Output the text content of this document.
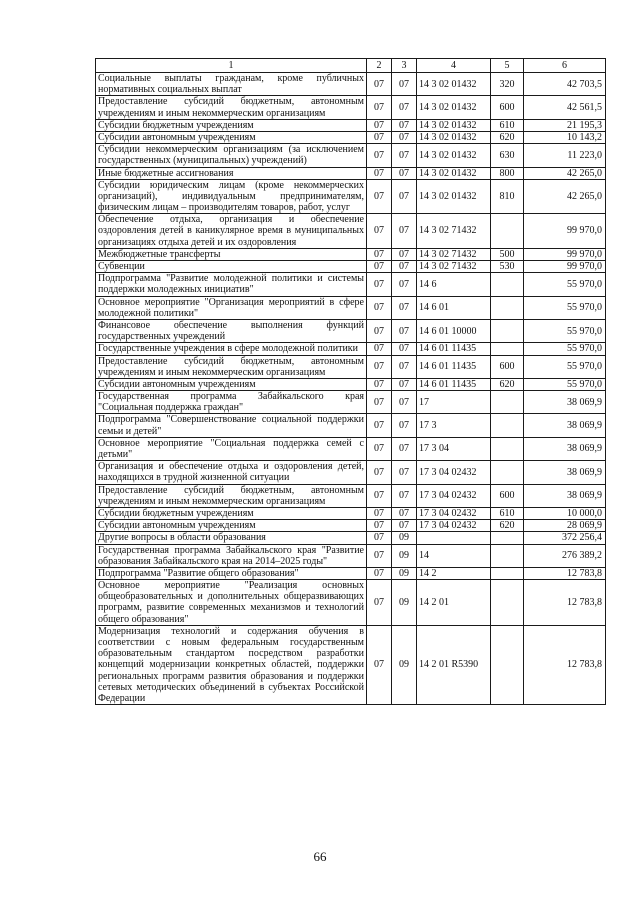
1	2	3	4	5	6
Социальные выплаты гражданам, кроме публичных нормативных социальных выплат	07	07	14 3 02 01432	320	42 703,5
Предоставление субсидий бюджетным, автономным учреждениям и иным некоммерческим организациям	07	07	14 3 02 01432	600	42 561,5
Субсидии бюджетным учреждениям	07	07	14 3 02 01432	610	21 195,3
Субсидии автономным учреждениям	07	07	14 3 02 01432	620	10 143,2
Субсидии некоммерческим организациям (за исключением государственных (муниципальных) учреждений)	07	07	14 3 02 01432	630	11 223,0
Иные бюджетные ассигнования	07	07	14 3 02 01432	800	42 265,0
Субсидии юридическим лицам (кроме некоммерческих организаций), индивидуальным предпринимателям, физическим лицам – производителям товаров, работ, услуг	07	07	14 3 02 01432	810	42 265,0
Обеспечение отдыха, организация и обеспечение оздоровления детей в каникулярное время в муниципальных организациях отдыха детей и их оздоровления	07	07	14 3 02 71432		99 970,0
Межбюджетные трансферты	07	07	14 3 02 71432	500	99 970,0
Субвенции	07	07	14 3 02 71432	530	99 970,0
Подпрограмма "Развитие молодежной политики и системы поддержки молодежных инициатив"	07	07	14 6		55 970,0
Основное мероприятие "Организация мероприятий в сфере молодежной политики"	07	07	14 6 01		55 970,0
Финансовое обеспечение выполнения функций государственных учреждений	07	07	14 6 01 10000		55 970,0
Государственные учреждения в сфере молодежной политики	07	07	14 6 01 11435		55 970,0
Предоставление субсидий бюджетным, автономным учреждениям и иным некоммерческим организациям	07	07	14 6 01 11435	600	55 970,0
Субсидии автономным учреждениям	07	07	14 6 01 11435	620	55 970,0
Государственная программа Забайкальского края "Социальная поддержка граждан"	07	07	17		38 069,9
Подпрограмма "Совершенствование социальной поддержки семьи и детей"	07	07	17 3		38 069,9
Основное мероприятие "Социальная поддержка семей с детьми"	07	07	17 3 04		38 069,9
Организация и обеспечение отдыха и оздоровления детей, находящихся в трудной жизненной ситуации	07	07	17 3 04 02432		38 069,9
Предоставление субсидий бюджетным, автономным учреждениям и иным некоммерческим организациям	07	07	17 3 04 02432	600	38 069,9
Субсидии бюджетным учреждениям	07	07	17 3 04 02432	610	10 000,0
Субсидии автономным учреждениям	07	07	17 3 04 02432	620	28 069,9
Другие вопросы в области образования	07	09			372 256,4
Государственная программа Забайкальского края "Развитие образования Забайкальского края на 2014–2025 годы"	07	09	14		276 389,2
Подпрограмма "Развитие общего образования"	07	09	14 2		12 783,8
Основное мероприятие "Реализация основных общеобразовательных и дополнительных общеразвивающих программ, развитие современных механизмов и технологий общего образования"	07	09	14 2 01		12 783,8
Модернизация технологий и содержания обучения в соответствии с новым федеральным государственным образовательным стандартом посредством разработки концепций модернизации конкретных областей, поддержки региональных программ развития образования и поддержки сетевых методических объединений в субъектах Российской Федерации	07	09	14 2 01 R5390		12 783,8
66
